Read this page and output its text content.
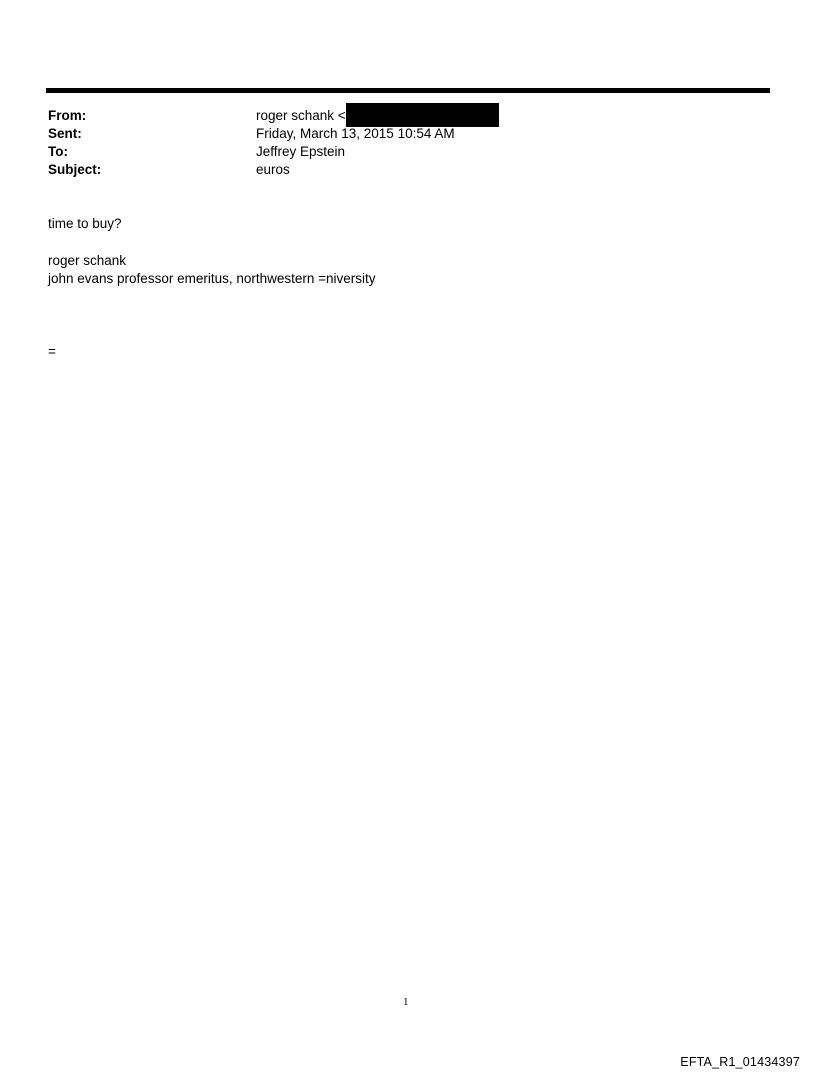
From:	roger schank <
Sent:	Friday, March 13, 2015 10:54 AM
To:	Jeffrey Epstein
Subject:	euros
time to buy?
roger schank
john evans professor emeritus, northwestern =niversity
=
1
EFTA_R1_01434397
